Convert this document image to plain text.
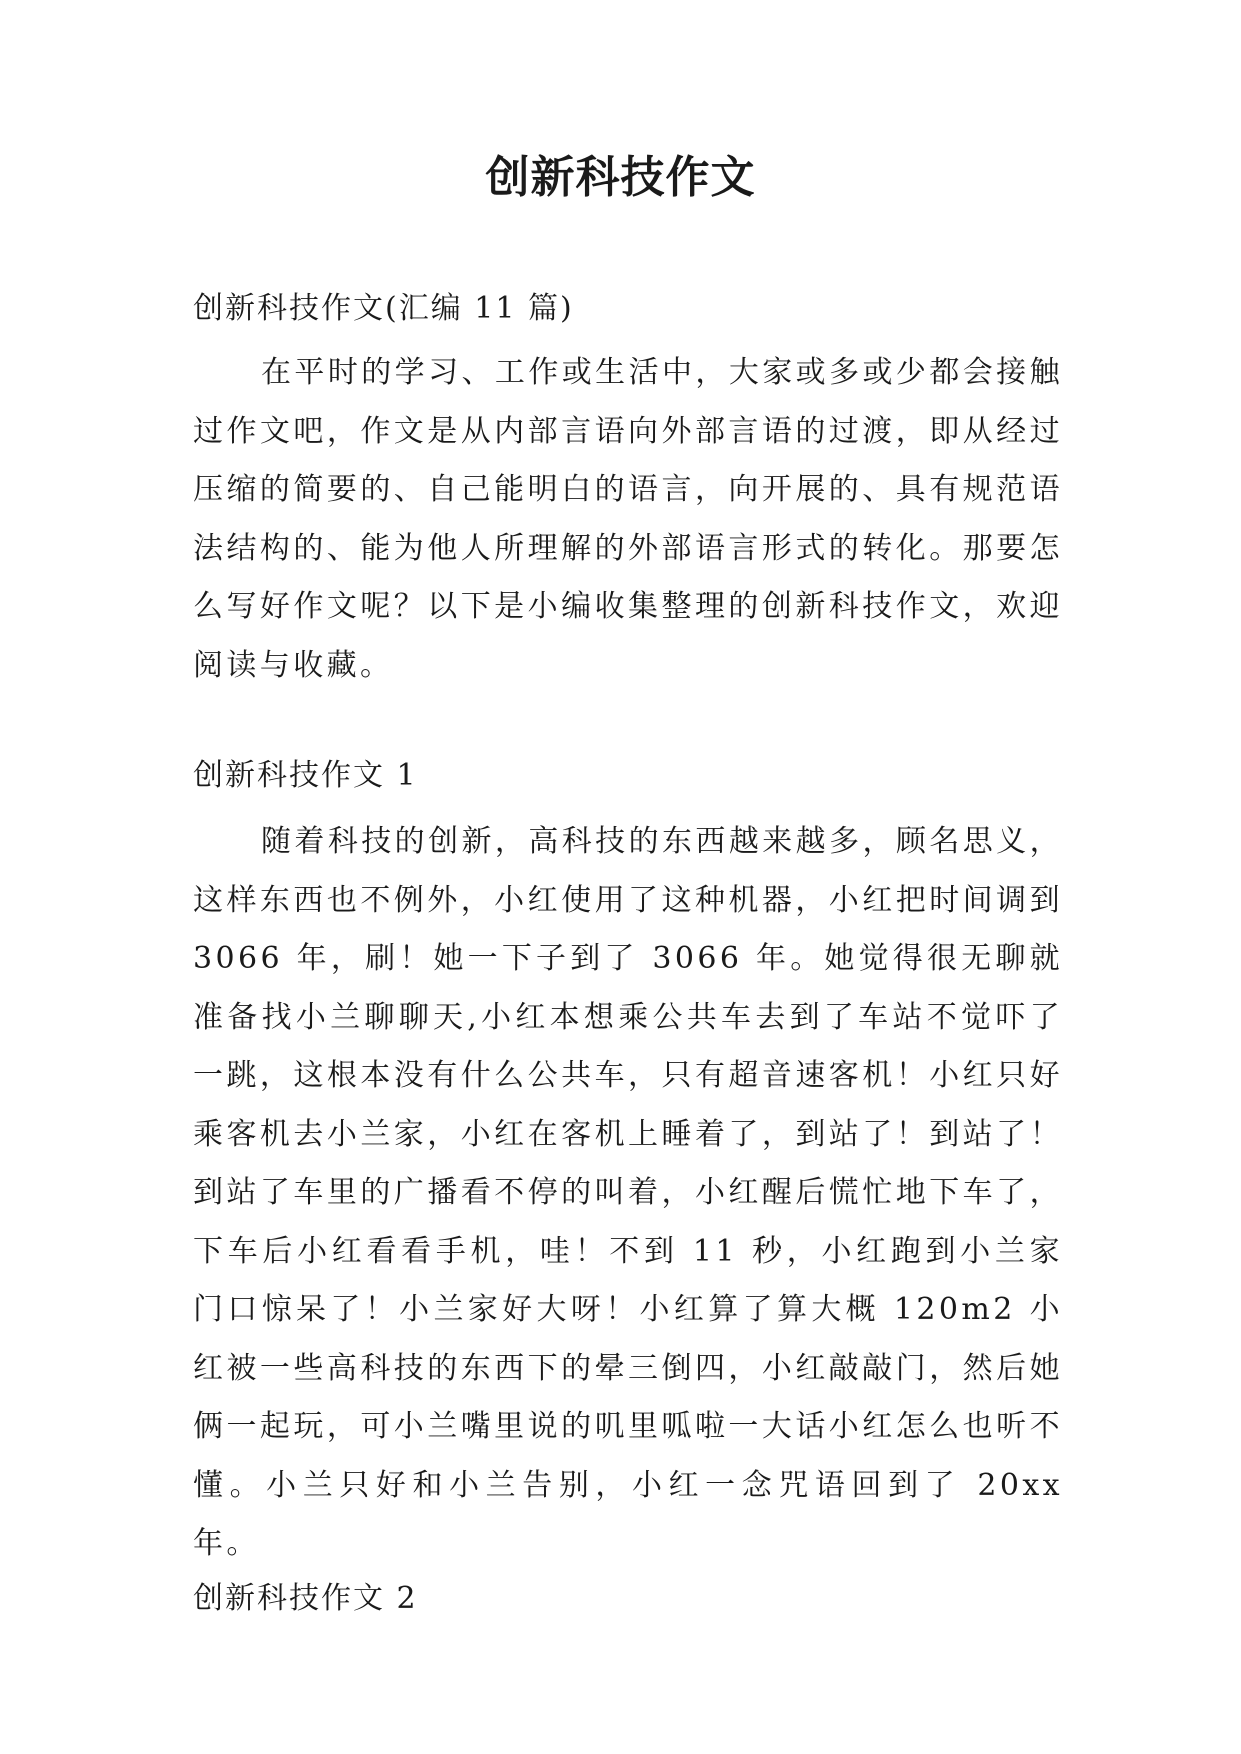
创新科技作文

创新科技作文(汇编 11 篇)

在平时的学习、工作或生活中，大家或多或少都会接触过作文吧，作文是从内部言语向外部言语的过渡，即从经过压缩的简要的、自己能明白的语言，向开展的、具有规范语法结构的、能为他人所理解的外部语言形式的转化。那要怎么写好作文呢？以下是小编收集整理的创新科技作文，欢迎阅读与收藏。

创新科技作文 1

随着科技的创新，高科技的东西越来越多，顾名思义，这样东西也不例外，小红使用了这种机器，小红把时间调到 3066 年，刷！她一下子到了 3066 年。她觉得很无聊就准备找小兰聊聊天,小红本想乘公共车去到了车站不觉吓了一跳，这根本没有什么公共车，只有超音速客机！小红只好乘客机去小兰家，小红在客机上睡着了，到站了！到站了！到站了车里的广播看不停的叫着，小红醒后慌忙地下车了，下车后小红看看手机，哇！不到 11 秒，小红跑到小兰家门口惊呆了！小兰家好大呀！小红算了算大概 120m2 小红被一些高科技的东西下的晕三倒四，小红敲敲门，然后她俩一起玩，可小兰嘴里说的叽里呱啦一大话小红怎么也听不懂。小兰只好和小兰告别，小红一念咒语回到了 20xx 年。

创新科技作文 2
